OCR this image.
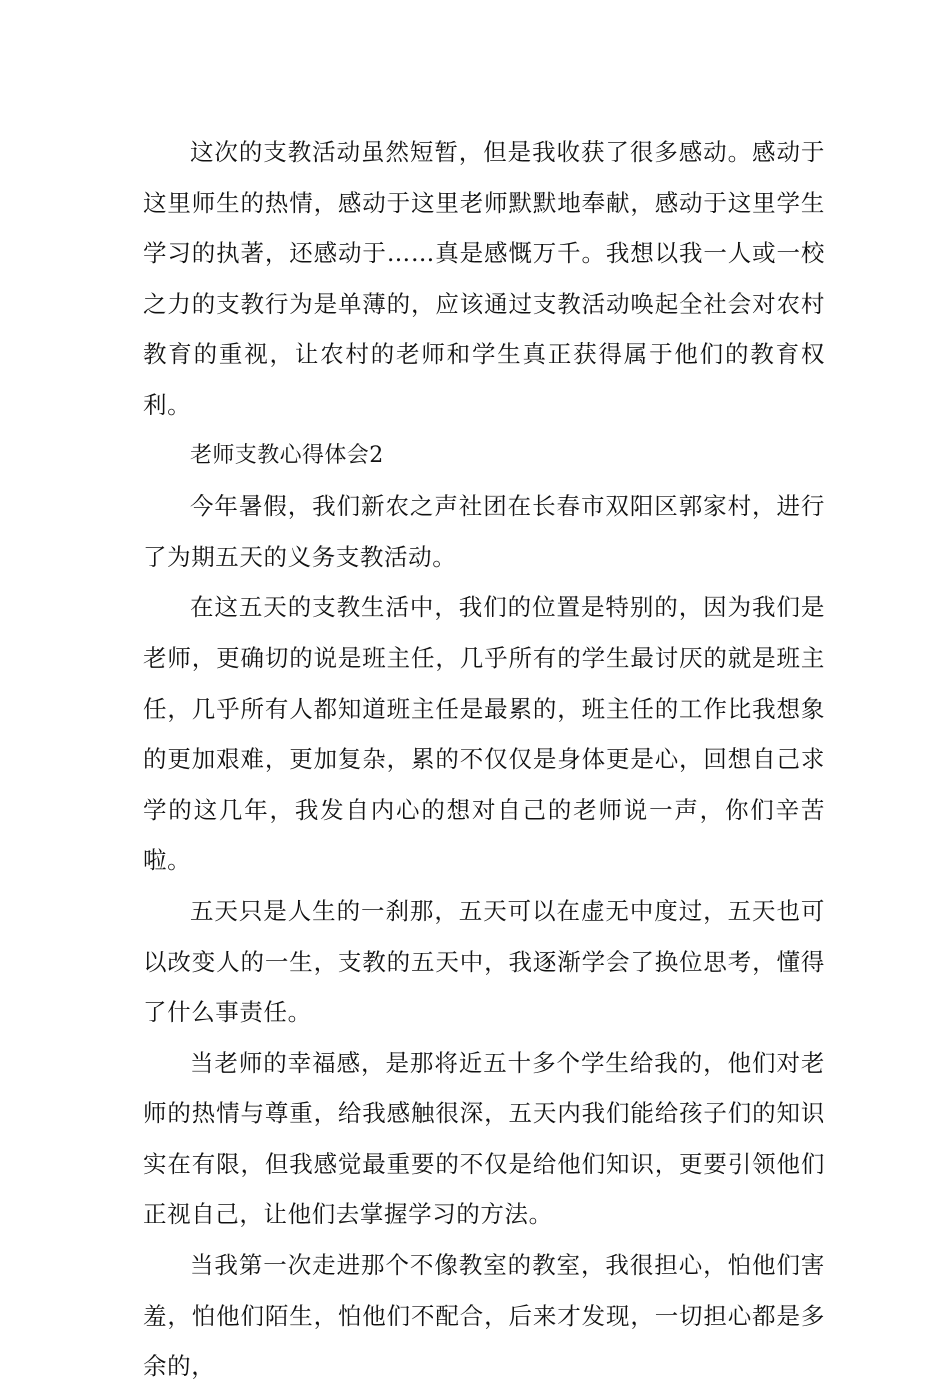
这次的支教活动虽然短暂，但是我收获了很多感动。感动于这里师生的热情，感动于这里老师默默地奉献，感动于这里学生学习的执著，还感动于……真是感慨万千。我想以我一人或一校之力的支教行为是单薄的，应该通过支教活动唤起全社会对农村教育的重视，让农村的老师和学生真正获得属于他们的教育权利。

老师支教心得体会2

今年暑假，我们新农之声社团在长春市双阳区郭家村，进行了为期五天的义务支教活动。

在这五天的支教生活中，我们的位置是特别的，因为我们是老师，更确切的说是班主任，几乎所有的学生最讨厌的就是班主任，几乎所有人都知道班主任是最累的，班主任的工作比我想象的更加艰难，更加复杂，累的不仅仅是身体更是心，回想自己求学的这几年，我发自内心的想对自己的老师说一声，你们辛苦啦。

五天只是人生的一刹那，五天可以在虚无中度过，五天也可以改变人的一生，支教的五天中，我逐渐学会了换位思考，懂得了什么事责任。

当老师的幸福感，是那将近五十多个学生给我的，他们对老师的热情与尊重，给我感触很深，五天内我们能给孩子们的知识实在有限，但我感觉最重要的不仅是给他们知识，更要引领他们正视自己，让他们去掌握学习的方法。

当我第一次走进那个不像教室的教室，我很担心，怕他们害羞，怕他们陌生，怕他们不配合，后来才发现，一切担心都是多余的，
